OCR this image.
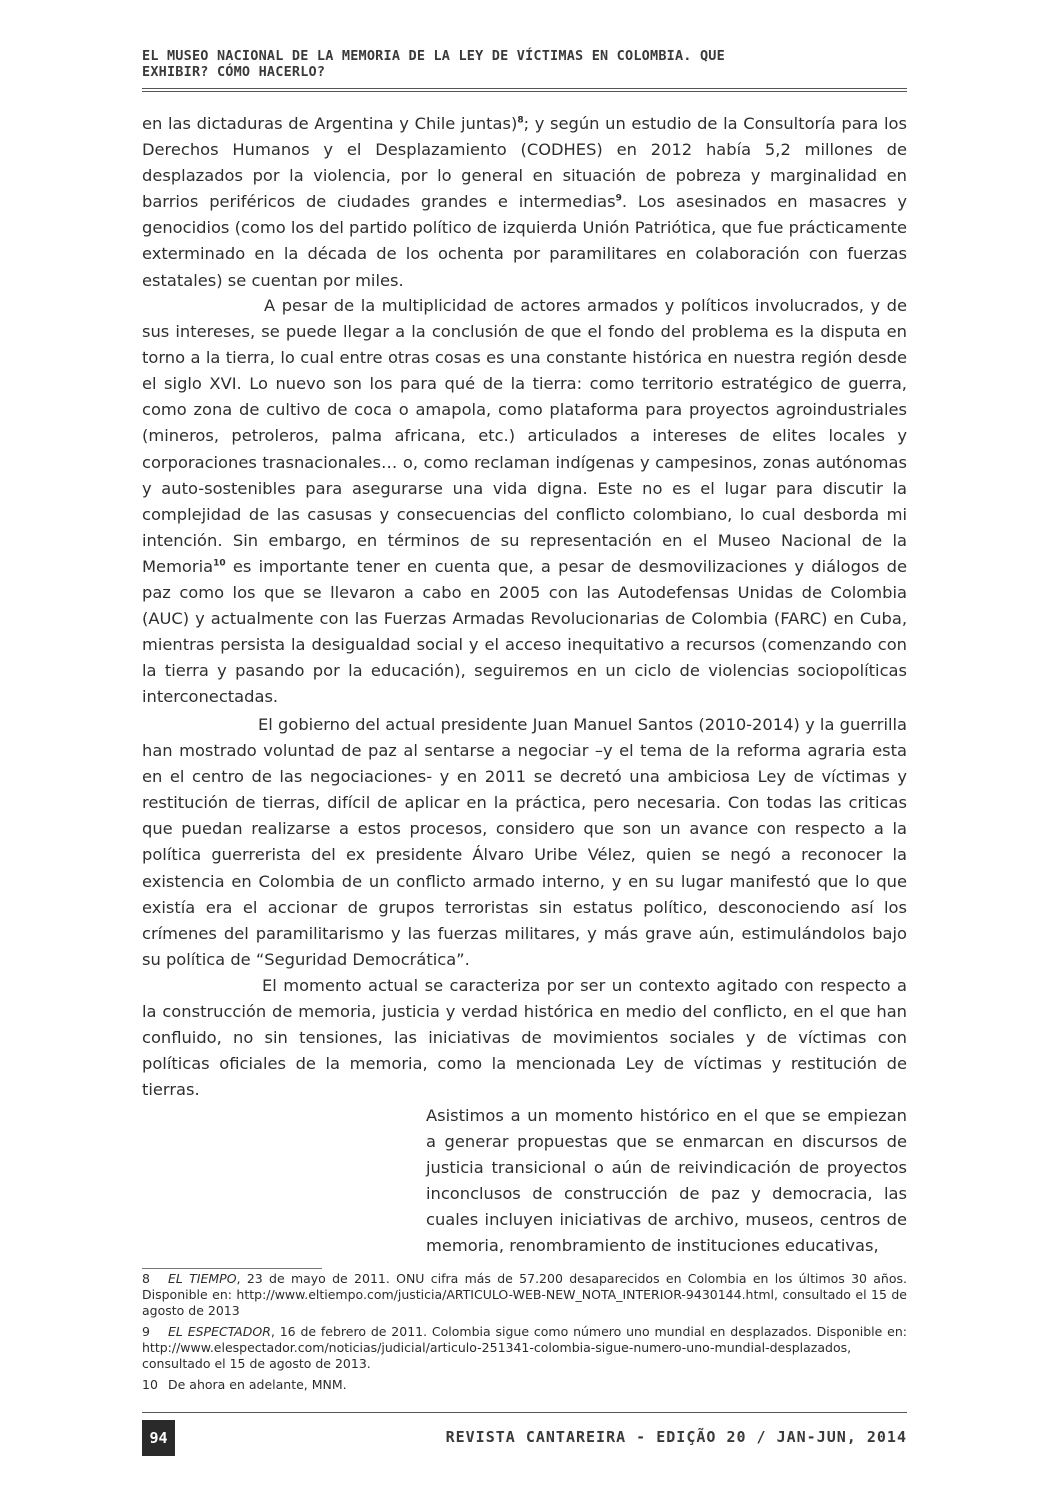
EL MUSEO NACIONAL DE LA MEMORIA DE LA LEY DE VÍCTIMAS EN COLOMBIA. QUE EXHIBIR? CÓMO HACERLO?

en las dictaduras de Argentina y Chile juntas)$^8$; y según un estudio de la Consultoría para los Derechos Humanos y el Desplazamiento (CODHES) en 2012 había 5,2 millones de desplazados por la violencia, por lo general en situación de pobreza y marginalidad en barrios periféricos de ciudades grandes e intermedias$^9$. Los asesinados en masacres y genocidios (como los del partido político de izquierda Unión Patriótica, que fue prácticamente exterminado en la década de los ochenta por paramilitares en colaboración con fuerzas estatales) se cuentan por miles.

A pesar de la multiplicidad de actores armados y políticos involucrados, y de sus intereses, se puede llegar a la conclusión de que el fondo del problema es la disputa en torno a la tierra, lo cual entre otras cosas es una constante histórica en nuestra región desde el siglo XVI. Lo nuevo son los para qué de la tierra: como territorio estratégico de guerra, como zona de cultivo de coca o amapola, como plataforma para proyectos agroindustriales (mineros, petroleros, palma africana, etc.) articulados a intereses de elites locales y corporaciones trasnacionales… o, como reclaman indígenas y campesinos, zonas autónomas y auto-sostenibles para asegurarse una vida digna. Este no es el lugar para discutir la complejidad de las casusas y consecuencias del conflicto colombiano, lo cual desborda mi intención. Sin embargo, en términos de su representación en el Museo Nacional de la Memoria$^{10}$ es importante tener en cuenta que, a pesar de desmovilizaciones y diálogos de paz como los que se llevaron a cabo en 2005 con las Autodefensas Unidas de Colombia (AUC) y actualmente con las Fuerzas Armadas Revolucionarias de Colombia (FARC) en Cuba, mientras persista la desigualdad social y el acceso inequitativo a recursos (comenzando con la tierra y pasando por la educación), seguiremos en un ciclo de violencias sociopolíticas interconectadas.

El gobierno del actual presidente Juan Manuel Santos (2010-2014) y la guerrilla han mostrado voluntad de paz al sentarse a negociar –y el tema de la reforma agraria esta en el centro de las negociaciones- y en 2011 se decretó una ambiciosa Ley de víctimas y restitución de tierras, difícil de aplicar en la práctica, pero necesaria. Con todas las criticas que puedan realizarse a estos procesos, considero que son un avance con respecto a la política guerrerista del ex presidente Álvaro Uribe Vélez, quien se negó a reconocer la existencia en Colombia de un conflicto armado interno, y en su lugar manifestó que lo que existía era el accionar de grupos terroristas sin estatus político, desconociendo así los crímenes del paramilitarismo y las fuerzas militares, y más grave aún, estimulándolos bajo su política de “Seguridad Democrática”.

El momento actual se caracteriza por ser un contexto agitado con respecto a la construcción de memoria, justicia y verdad histórica en medio del conflicto, en el que han confluido, no sin tensiones, las iniciativas de movimientos sociales y de víctimas con políticas oficiales de la memoria, como la mencionada Ley de víctimas y restitución de tierras.

Asistimos a un momento histórico en el que se empiezan a generar propuestas que se enmarcan en discursos de justicia transicional o aún de reivindicación de proyectos inconclusos de construcción de paz y democracia, las cuales incluyen iniciativas de archivo, museos, centros de memoria, renombramiento de instituciones educativas,

8 EL TIEMPO, 23 de mayo de 2011. ONU cifra más de 57.200 desaparecidos en Colombia en los últimos 30 años. Disponible en: http://www.eltiempo.com/justicia/ARTICULO-WEB-NEW_NOTA_INTERIOR-9430144.html, consultado el 15 de agosto de 2013

9 EL ESPECTADOR, 16 de febrero de 2011. Colombia sigue como número uno mundial en desplazados. Disponible en: http://www.elespectador.com/noticias/judicial/articulo-251341-colombia-sigue-numero-uno-mundial-desplazados, consultado el 15 de agosto de 2013.

10 De ahora en adelante, MNM.

94	REVISTA CANTAREIRA - EDIÇÃO 20 / JAN-JUN, 2014
